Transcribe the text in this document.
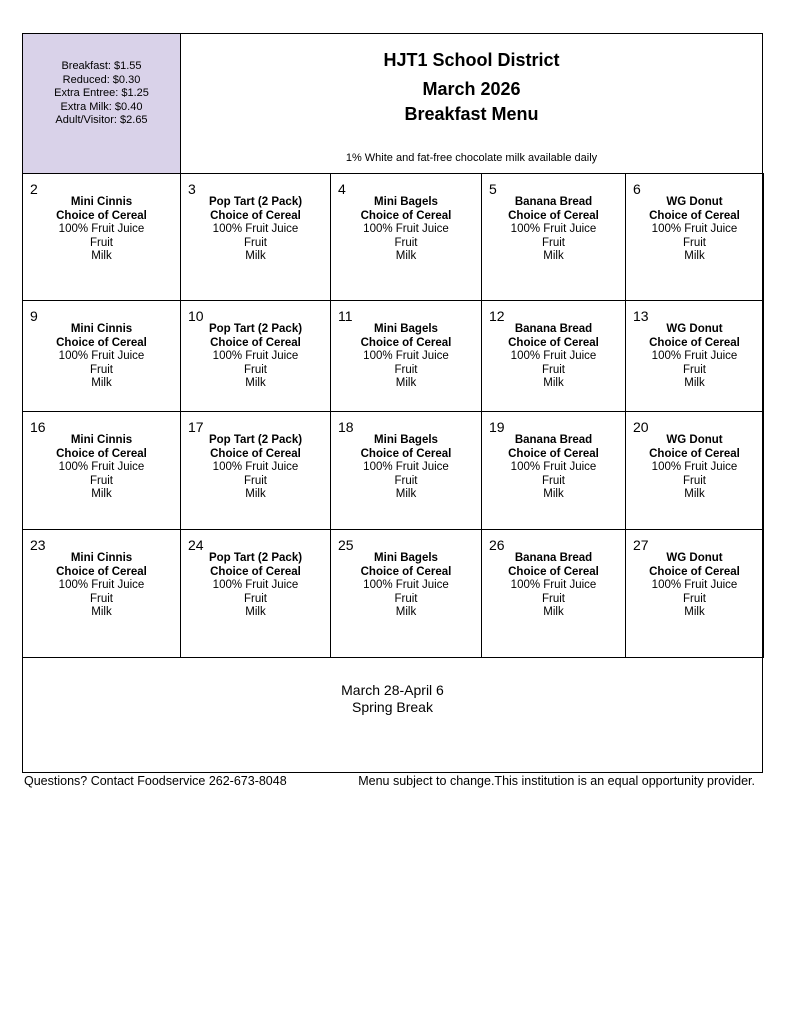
Breakfast: $1.55
Reduced: $0.30
Extra Entree: $1.25
Extra Milk: $0.40
Adult/Visitor: $2.65
HJT1 School District
March 2026
Breakfast Menu
1% White and fat-free chocolate milk available daily
2
Mini Cinnis
Choice of Cereal
100% Fruit Juice
Fruit
Milk
3
Pop Tart (2 Pack)
Choice of Cereal
100% Fruit Juice
Fruit
Milk
4
Mini Bagels
Choice of Cereal
100% Fruit Juice
Fruit
Milk
5
Banana Bread
Choice of Cereal
100% Fruit Juice
Fruit
Milk
6
WG Donut
Choice of Cereal
100% Fruit Juice
Fruit
Milk
9
Mini Cinnis
Choice of Cereal
100% Fruit Juice
Fruit
Milk
10
Pop Tart (2 Pack)
Choice of Cereal
100% Fruit Juice
Fruit
Milk
11
Mini Bagels
Choice of Cereal
100% Fruit Juice
Fruit
Milk
12
Banana Bread
Choice of Cereal
100% Fruit Juice
Fruit
Milk
13
WG Donut
Choice of Cereal
100% Fruit Juice
Fruit
Milk
16
Mini Cinnis
Choice of Cereal
100% Fruit Juice
Fruit
Milk
17
Pop Tart (2 Pack)
Choice of Cereal
100% Fruit Juice
Fruit
Milk
18
Mini Bagels
Choice of Cereal
100% Fruit Juice
Fruit
Milk
19
Banana Bread
Choice of Cereal
100% Fruit Juice
Fruit
Milk
20
WG Donut
Choice of Cereal
100% Fruit Juice
Fruit
Milk
23
Mini Cinnis
Choice of Cereal
100% Fruit Juice
Fruit
Milk
24
Pop Tart (2 Pack)
Choice of Cereal
100% Fruit Juice
Fruit
Milk
25
Mini Bagels
Choice of Cereal
100% Fruit Juice
Fruit
Milk
26
Banana Bread
Choice of Cereal
100% Fruit Juice
Fruit
Milk
27
WG Donut
Choice of Cereal
100% Fruit Juice
Fruit
Milk
March 28-April 6
Spring Break
Questions? Contact Foodservice 262-673-8048	Menu subject to change.This institution is an equal opportunity provider.
